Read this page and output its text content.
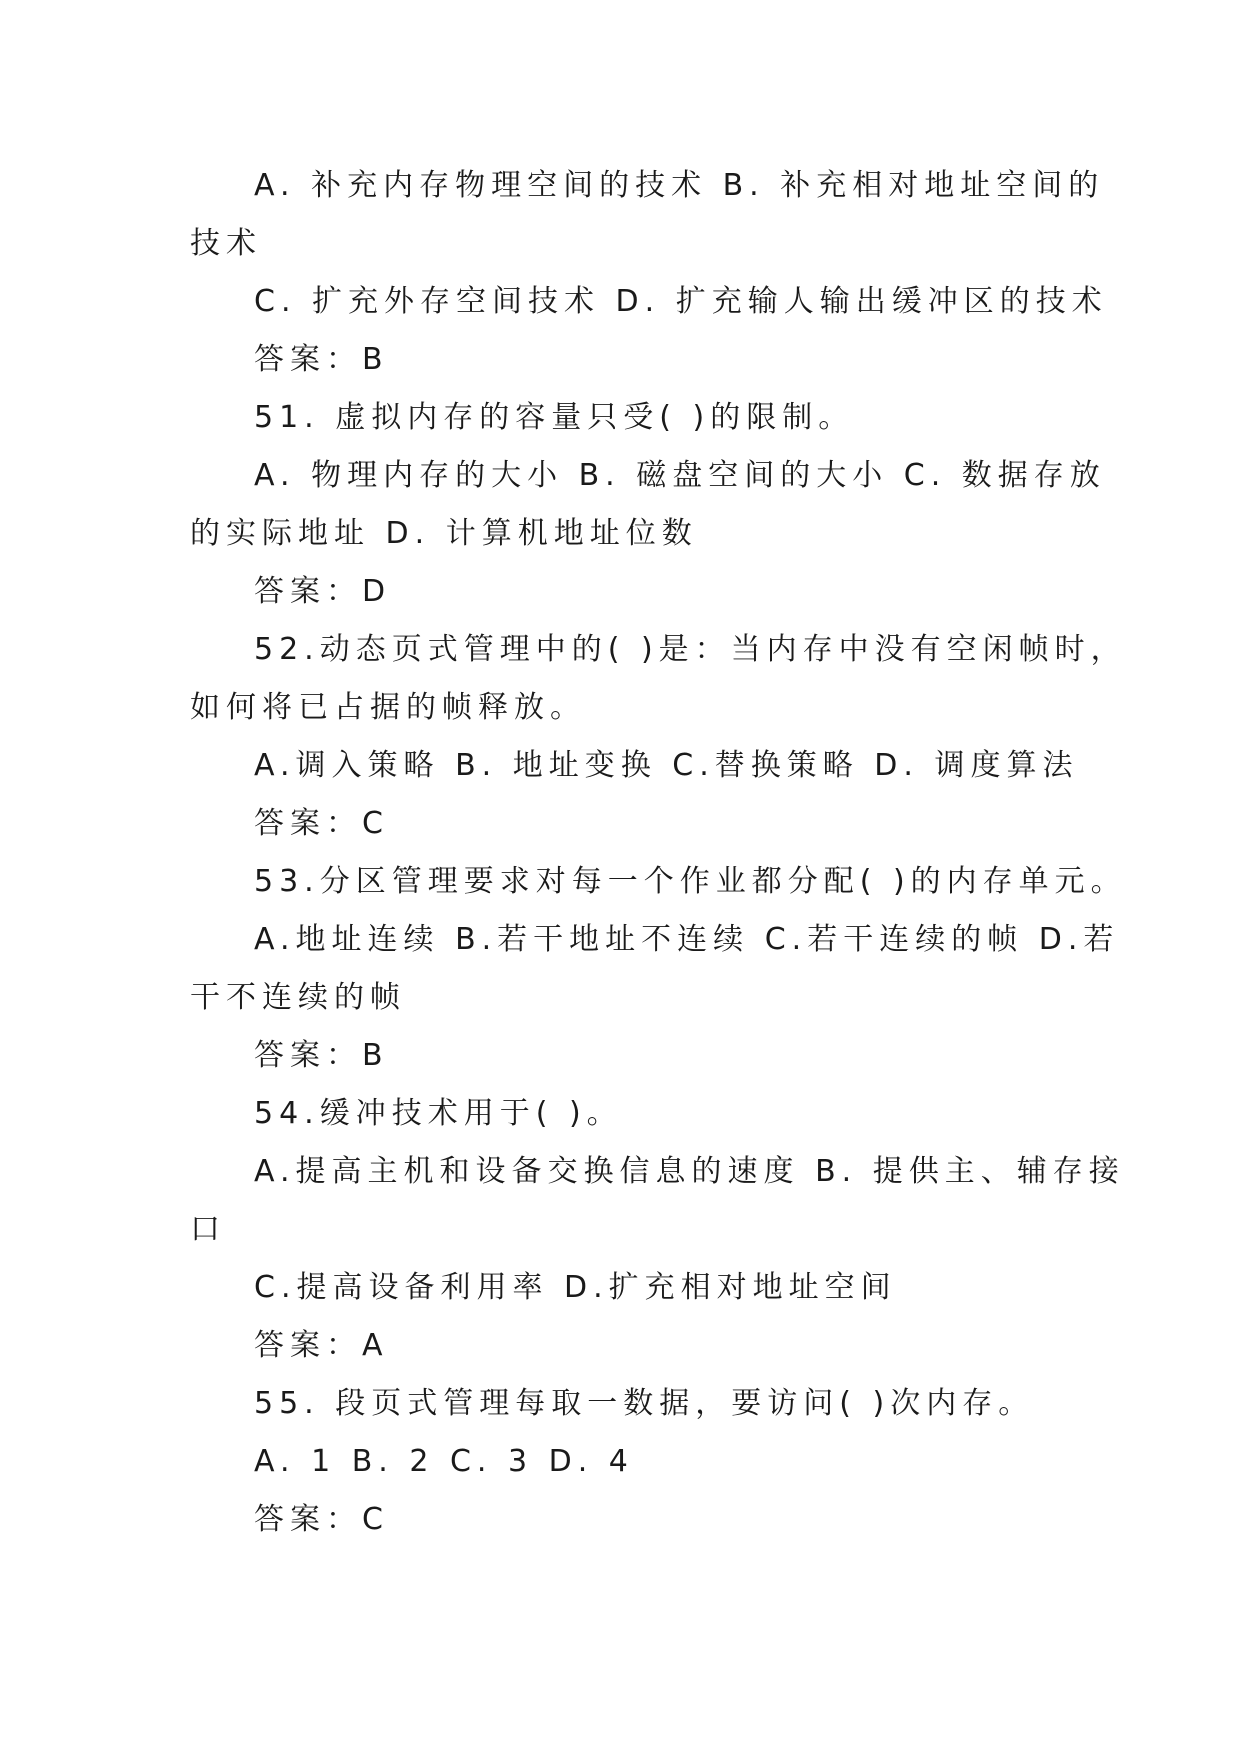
A. 补充内存物理空间的技术 B. 补充相对地址空间的
技术
C. 扩充外存空间技术 D. 扩充输人输出缓冲区的技术
答案：B
51. 虚拟内存的容量只受( )的限制。
A. 物理内存的大小 B. 磁盘空间的大小 C. 数据存放
的实际地址 D. 计算机地址位数
答案：D
52.动态页式管理中的( )是：当内存中没有空闲帧时，
如何将已占据的帧释放。
A.调入策略 B. 地址变换 C.替换策略 D. 调度算法
答案：C
53.分区管理要求对每一个作业都分配( )的内存单元。
A.地址连续 B.若干地址不连续 C.若干连续的帧 D.若
干不连续的帧
答案：B
54.缓冲技术用于( )。
A.提高主机和设备交换信息的速度 B. 提供主、辅存接
口
C.提高设备利用率 D.扩充相对地址空间
答案：A
55. 段页式管理每取一数据，要访问( )次内存。
A. 1 B. 2 C. 3 D. 4
答案：C
